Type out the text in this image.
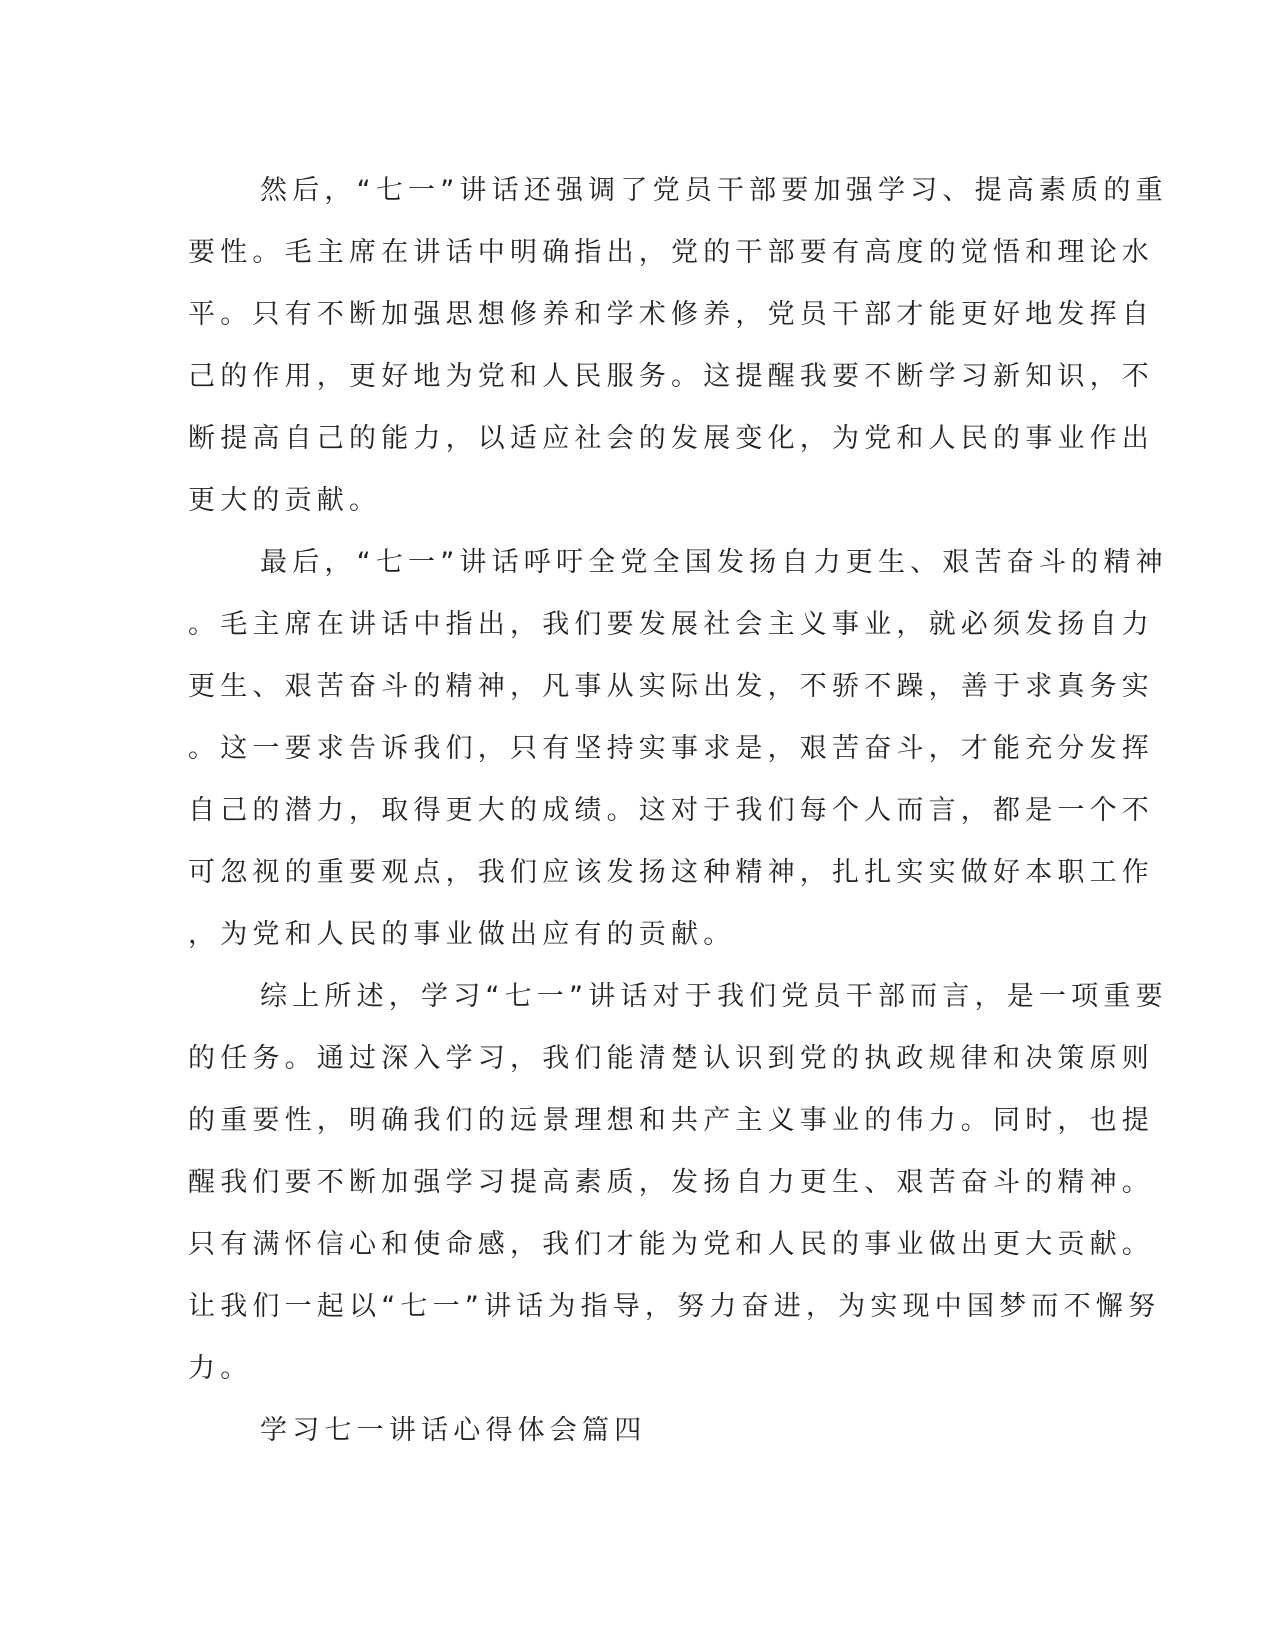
然后，“七一”讲话还强调了党员干部要加强学习、提高素质的重
要性。毛主席在讲话中明确指出，党的干部要有高度的觉悟和理论水
平。只有不断加强思想修养和学术修养，党员干部才能更好地发挥自
己的作用，更好地为党和人民服务。这提醒我要不断学习新知识，不
断提高自己的能力，以适应社会的发展变化，为党和人民的事业作出
更大的贡献。
最后，“七一”讲话呼吁全党全国发扬自力更生、艰苦奋斗的精神
。毛主席在讲话中指出，我们要发展社会主义事业，就必须发扬自力
更生、艰苦奋斗的精神，凡事从实际出发，不骄不躁，善于求真务实
。这一要求告诉我们，只有坚持实事求是，艰苦奋斗，才能充分发挥
自己的潜力，取得更大的成绩。这对于我们每个人而言，都是一个不
可忽视的重要观点，我们应该发扬这种精神，扎扎实实做好本职工作
，为党和人民的事业做出应有的贡献。
综上所述，学习“七一”讲话对于我们党员干部而言，是一项重要
的任务。通过深入学习，我们能清楚认识到党的执政规律和决策原则
的重要性，明确我们的远景理想和共产主义事业的伟力。同时，也提
醒我们要不断加强学习提高素质，发扬自力更生、艰苦奋斗的精神。
只有满怀信心和使命感，我们才能为党和人民的事业做出更大贡献。
让我们一起以“七一”讲话为指导，努力奋进，为实现中国梦而不懈努
力。
学习七一讲话心得体会篇四
